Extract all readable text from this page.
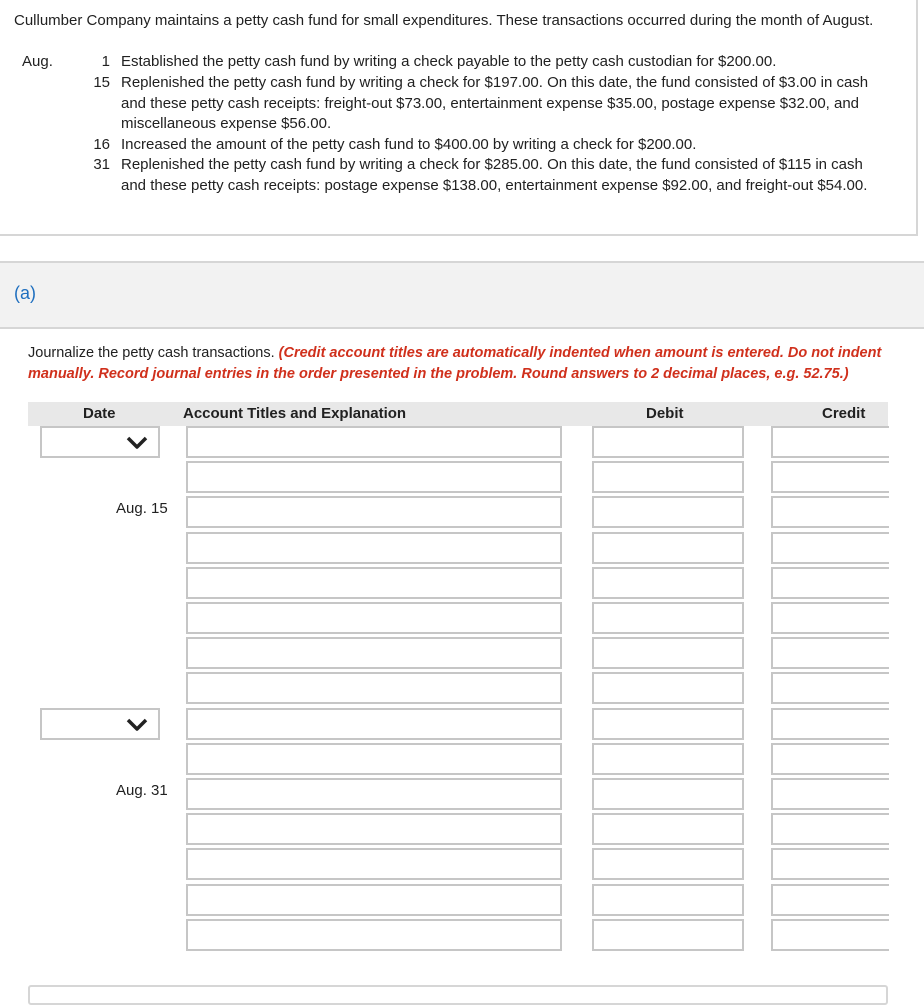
Cullumber Company maintains a petty cash fund for small expenditures. These transactions occurred during the month of August.
Aug.	1 Established the petty cash fund by writing a check payable to the petty cash custodian for $200.00.
15 Replenished the petty cash fund by writing a check for $197.00. On this date, the fund consisted of $3.00 in cash
and these petty cash receipts: freight-out $73.00, entertainment expense $35.00, postage expense $32.00, and
miscellaneous expense $56.00.
16 Increased the amount of the petty cash fund to $400.00 by writing a check for $200.00.
31 Replenished the petty cash fund by writing a check for $285.00. On this date, the fund consisted of $115 in cash
and these petty cash receipts: postage expense $138.00, entertainment expense $92.00, and freight-out $54.00.
(a)
Journalize the petty cash transactions. (Credit account titles are automatically indented when amount is entered. Do not indent
manually. Record journal entries in the order presented in the problem. Round answers to 2 decimal places, e.g. 52.75.)
Date	Account Titles and Explanation	Debit	Credit
Aug. 15
Aug. 31
